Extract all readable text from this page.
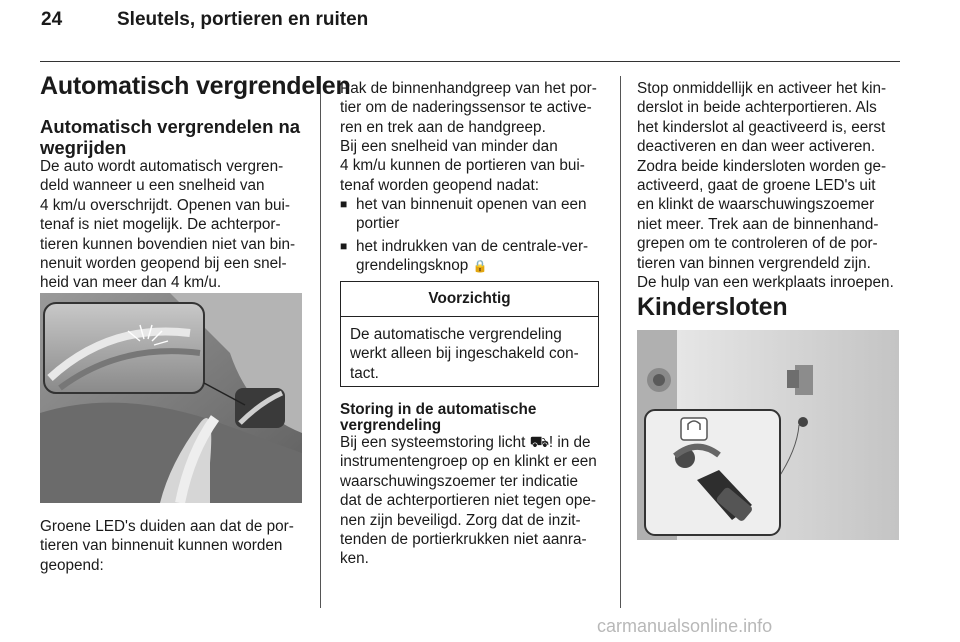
24	Sleutels, portieren en ruiten
Automatisch vergrendelen
Automatisch vergrendelen na
wegrijden
De auto wordt automatisch vergren-
deld wanneer u een snelheid van
4 km/u overschrijdt. Openen van bui-
tenaf is niet mogelijk. De achterpor-
tieren kunnen bovendien niet van bin-
nenuit worden geopend bij een snel-
heid van meer dan 4 km/u.
Groene LED's duiden aan dat de por-
tieren van binnenuit kunnen worden
geopend:
Pak de binnenhandgreep van het por-
tier om de naderingssensor te active-
ren en trek aan de handgreep.
Bij een snelheid van minder dan
4 km/u kunnen de portieren van bui-
tenaf worden geopend nadat:
■ het van binnenuit openen van een
portier
■ het indrukken van de centrale-ver-
grendelingsknop 🔒
Voorzichtig
De automatische vergrendeling
werkt alleen bij ingeschakeld con-
tact.
Storing in de automatische
vergrendeling
Bij een systeemstoring licht ⛟! in de
instrumentengroep op en klinkt er een
waarschuwingszoemer ter indicatie
dat de achterportieren niet tegen ope-
nen zijn beveiligd. Zorg dat de inzit-
tenden de portierkrukken niet aanra-
ken.
Stop onmiddellijk en activeer het kin-
derslot in beide achterportieren. Als
het kinderslot al geactiveerd is, eerst
deactiveren en dan weer activeren.
Zodra beide kindersloten worden ge-
activeerd, gaat de groene LED's uit
en klinkt de waarschuwingszoemer
niet meer. Trek aan de binnenhand-
grepen om te controleren of de por-
tieren van binnen vergrendeld zijn.
De hulp van een werkplaats inroepen.
Kindersloten
carmanualsonline.info
